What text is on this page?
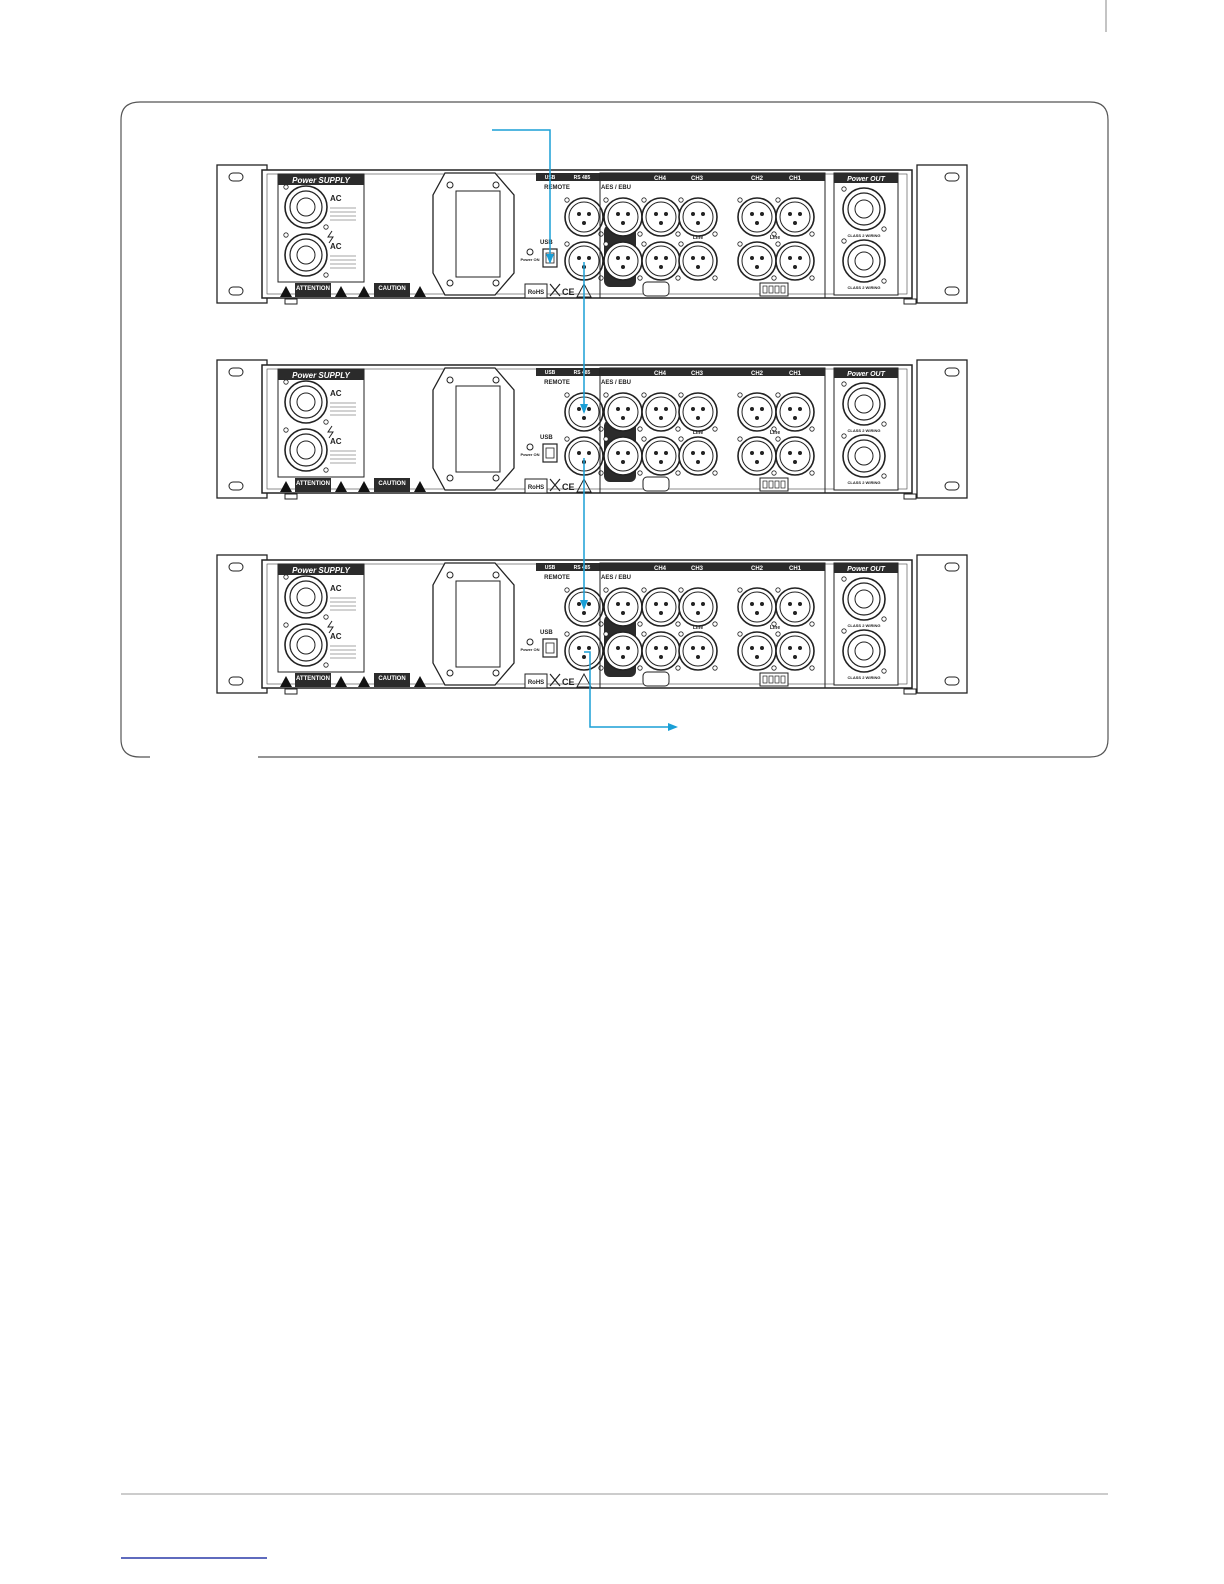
Power SUPPLY
AC
AC
ATTENTION	CAUTION
USB	RS 485
REMOTE
USB
Power ON
RoHS CE
CH4	CH3	CH2	CH1
AES / EBU
Line	Line
Power OUT
CLASS 2 WIRING
CLASS 2 WIRING
Power SUPPLY
AC
AC
ATTENTION	CAUTION
USB	RS 485
REMOTE
USB
Power ON
RoHS CE
CH4	CH3	CH2	CH1
AES / EBU
Line	Line
Power OUT
CLASS 2 WIRING
CLASS 2 WIRING
Power SUPPLY
AC
AC
ATTENTION	CAUTION
USB	RS 485
REMOTE
USB
Power ON
RoHS CE
CH4	CH3	CH2	CH1
AES / EBU
Line	Line
Power OUT
CLASS 2 WIRING
CLASS 2 WIRING
